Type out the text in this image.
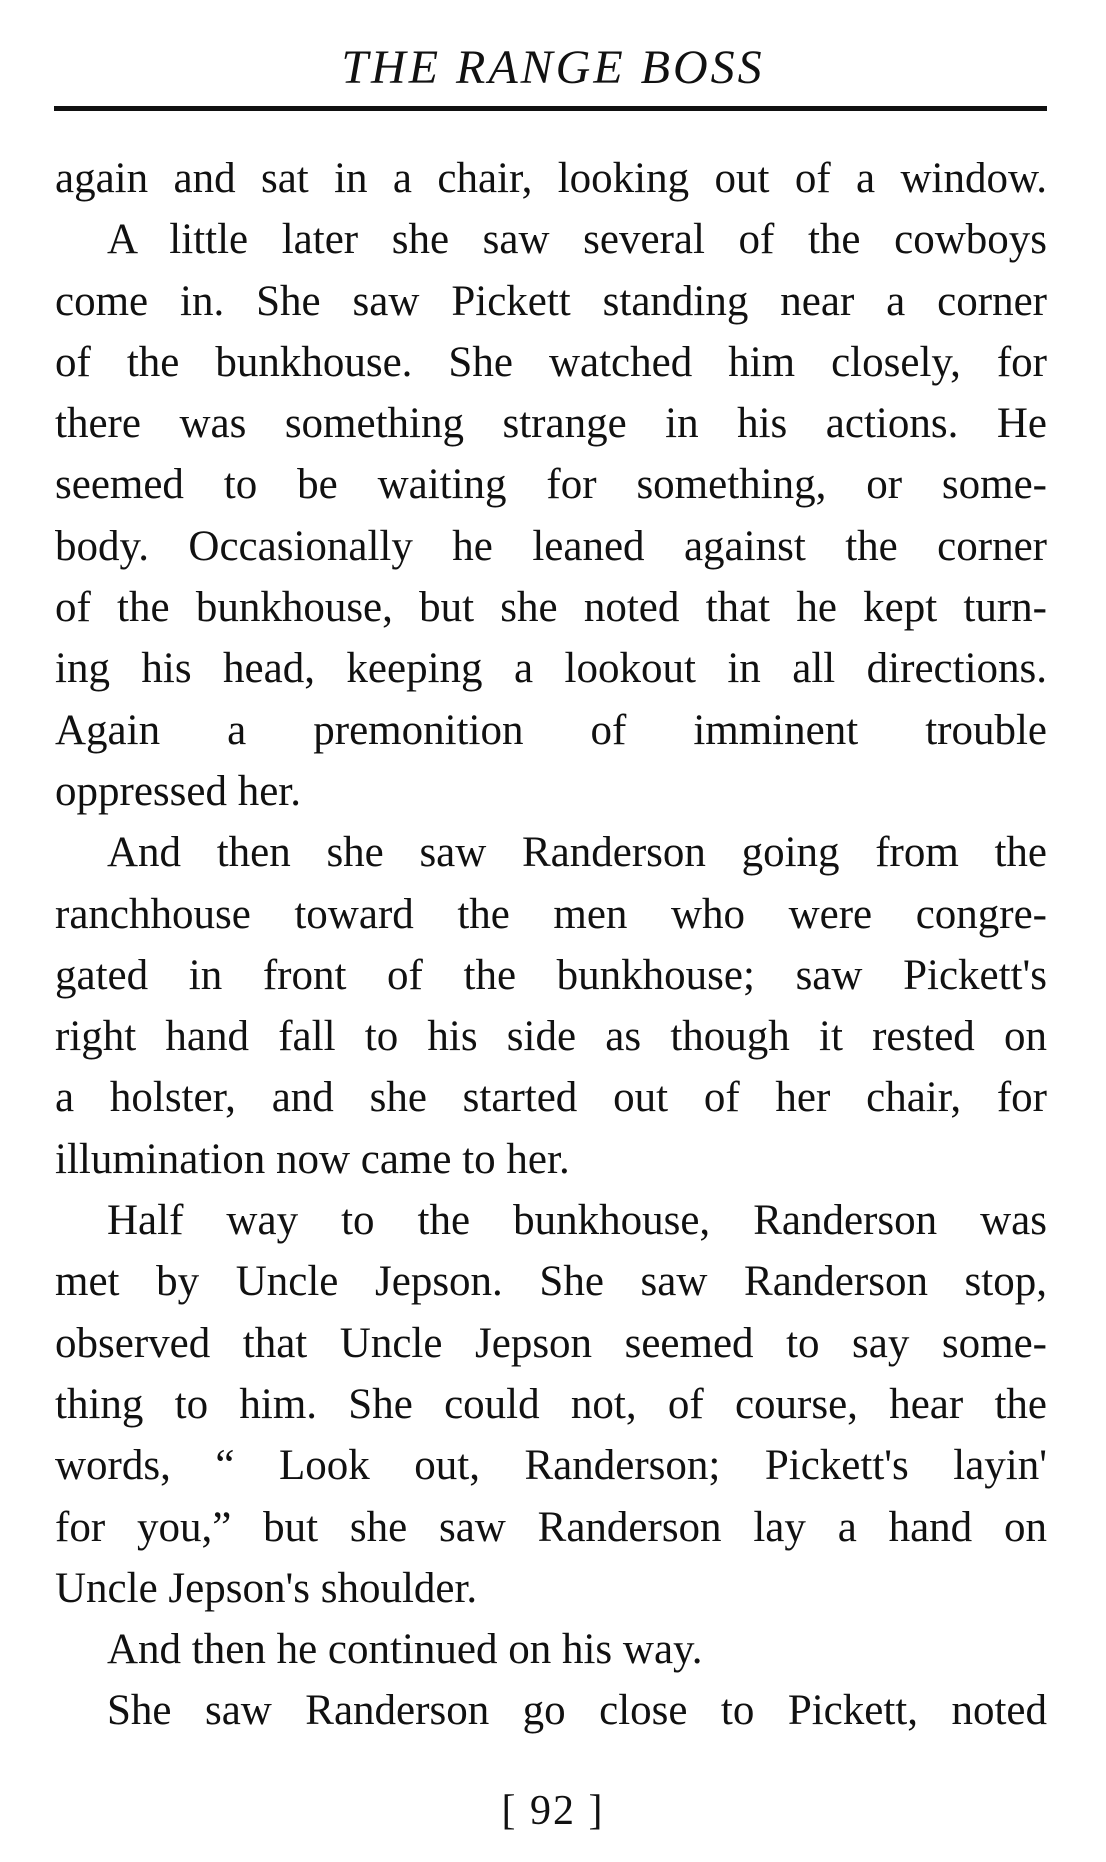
THE RANGE BOSS
again and sat in a chair, looking out of a window.
A little later she saw several of the cowboys
come in. She saw Pickett standing near a corner
of the bunkhouse. She watched him closely, for
there was something strange in his actions. He
seemed to be waiting for something, or some-
body. Occasionally he leaned against the corner
of the bunkhouse, but she noted that he kept turn-
ing his head, keeping a lookout in all directions.
Again a premonition of imminent trouble
oppressed her.
And then she saw Randerson going from the
ranchhouse toward the men who were congre-
gated in front of the bunkhouse; saw Pickett's
right hand fall to his side as though it rested on
a holster, and she started out of her chair, for
illumination now came to her.
Half way to the bunkhouse, Randerson was
met by Uncle Jepson. She saw Randerson stop,
observed that Uncle Jepson seemed to say some-
thing to him. She could not, of course, hear the
words, “ Look out, Randerson; Pickett's layin'
for you,” but she saw Randerson lay a hand on
Uncle Jepson's shoulder.
And then he continued on his way.
She saw Randerson go close to Pickett, noted
[ 92 ]
